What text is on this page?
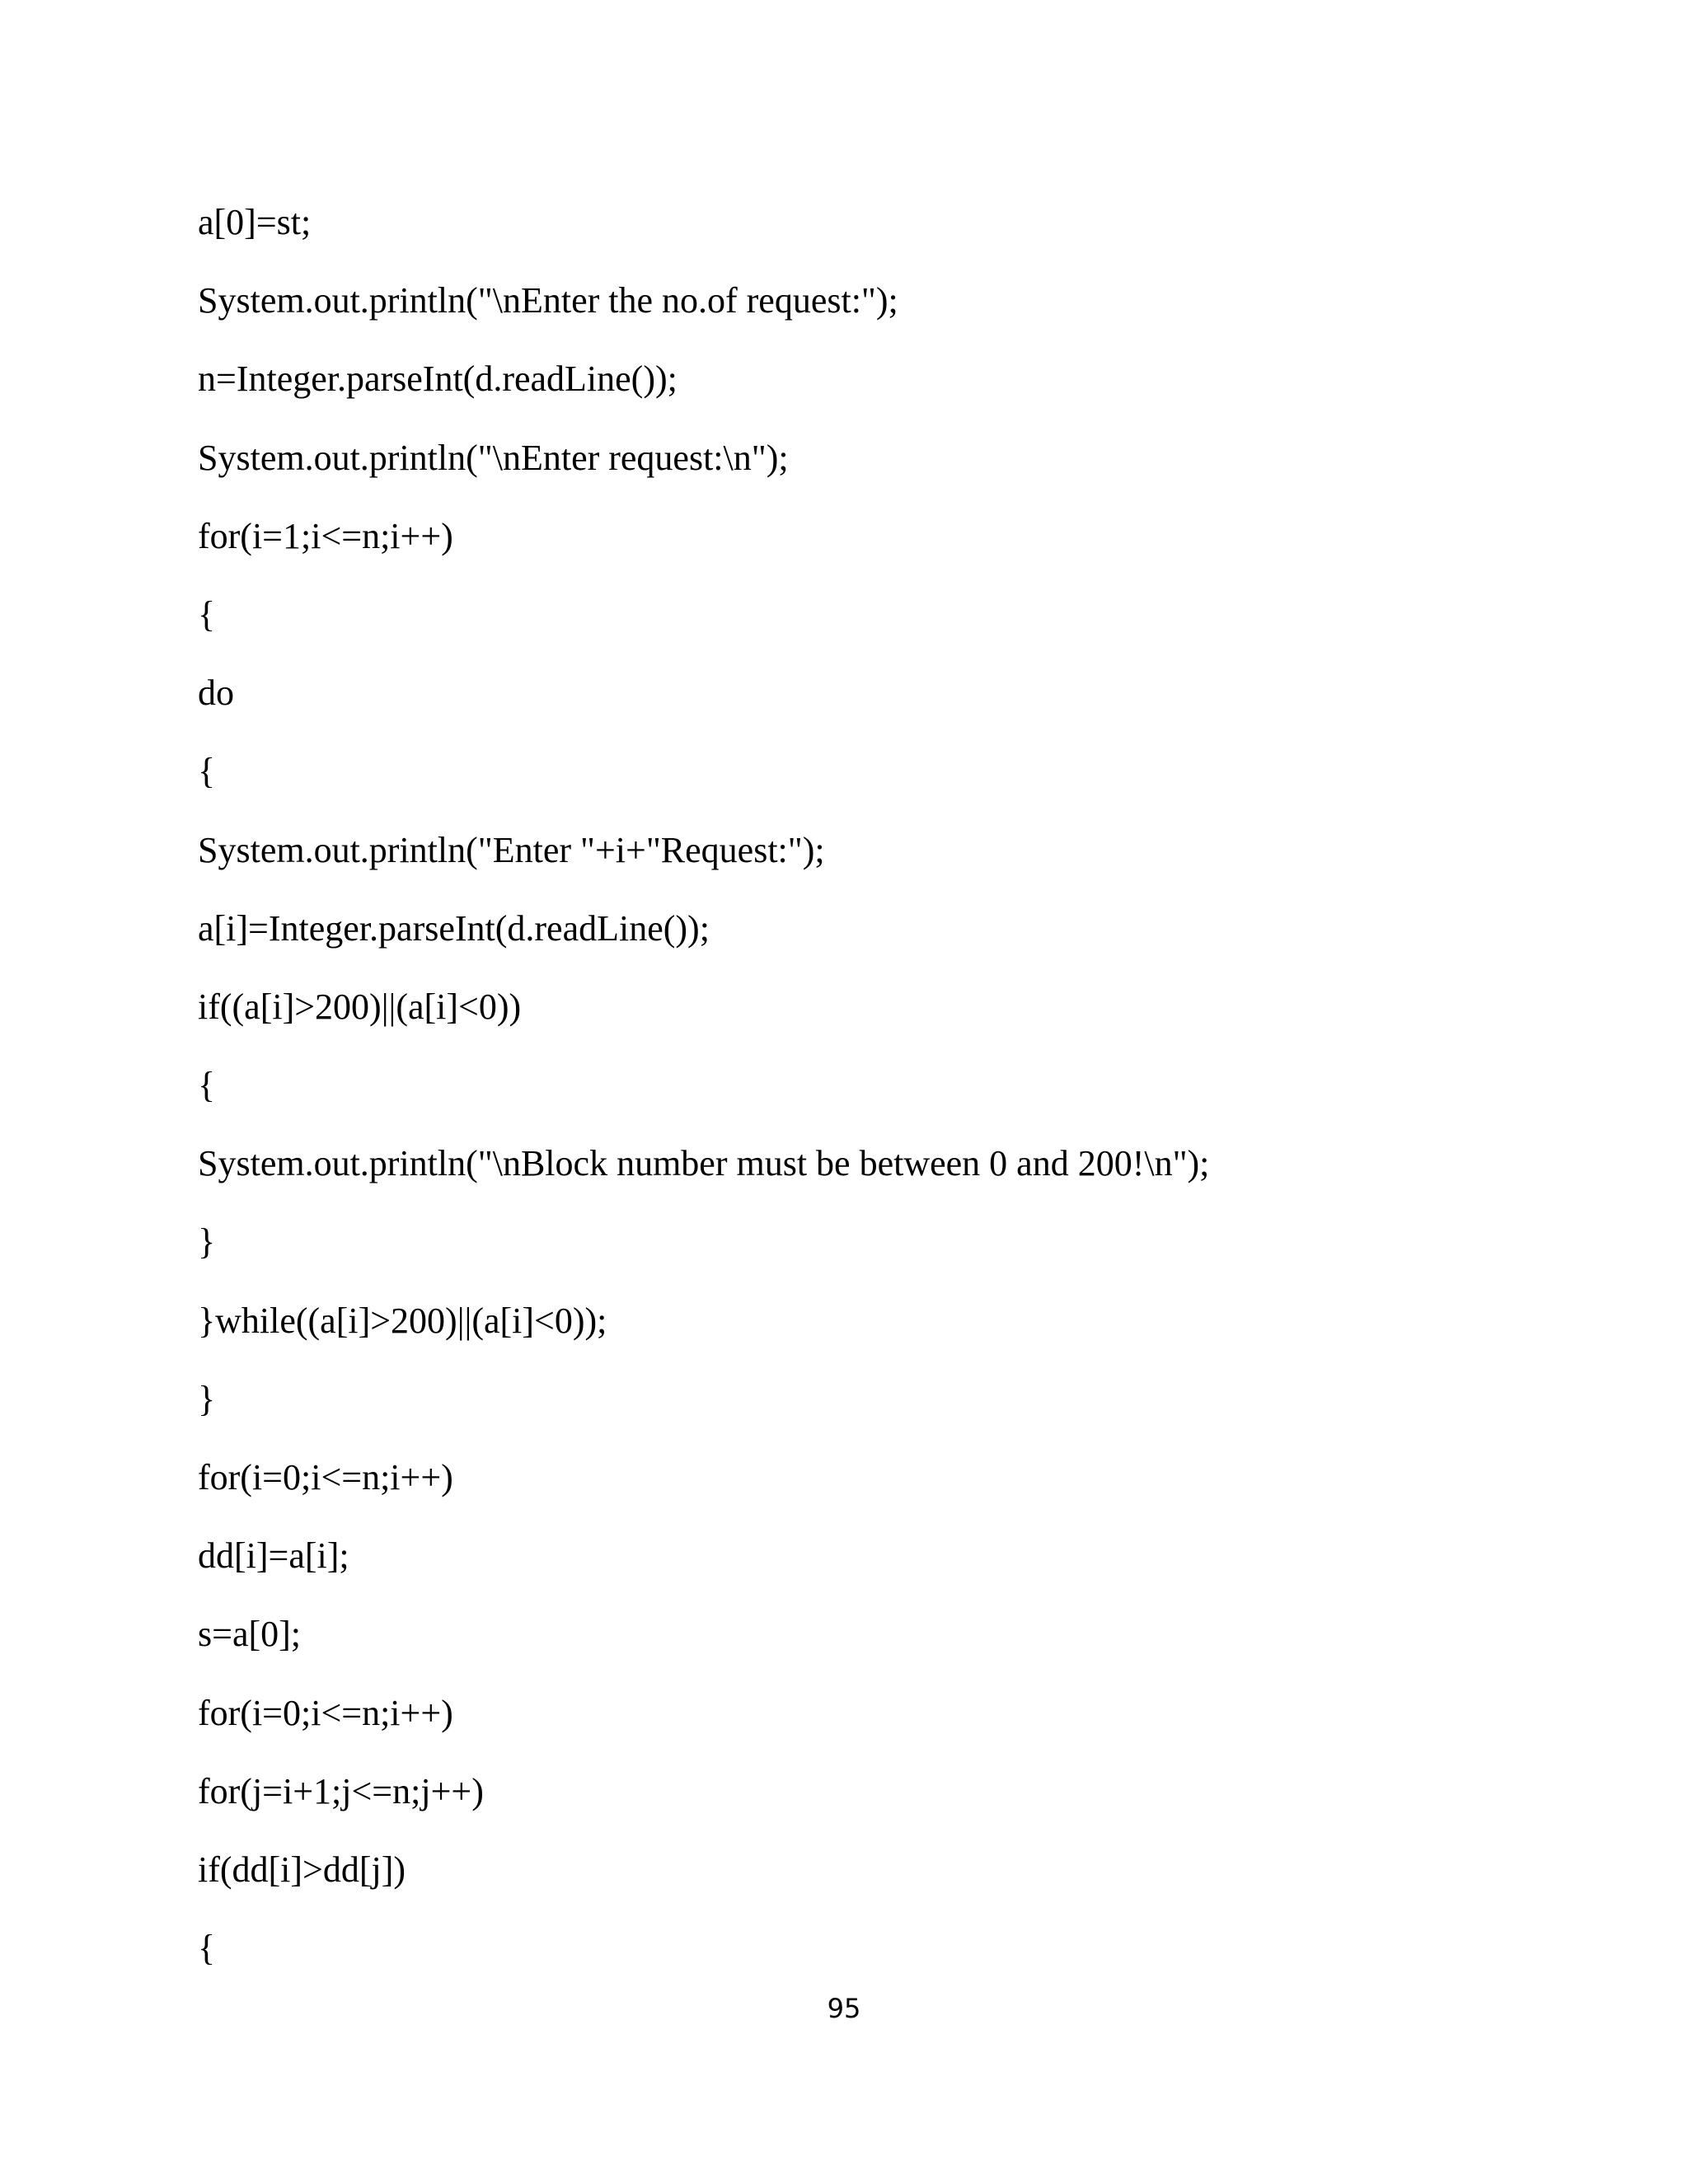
a[0]=st;
System.out.println("\nEnter the no.of request:");
n=Integer.parseInt(d.readLine());
System.out.println("\nEnter request:\n");
for(i=1;i<=n;i++)
{
do
{
System.out.println("Enter "+i+"Request:");
a[i]=Integer.parseInt(d.readLine());
if((a[i]>200)||(a[i]<0))
{
System.out.println("\nBlock number must be between 0 and 200!\n");
}
}while((a[i]>200)||(a[i]<0));
}
for(i=0;i<=n;i++)
dd[i]=a[i];
s=a[0];
for(i=0;i<=n;i++)
for(j=i+1;j<=n;j++)
if(dd[i]>dd[j])
{
95
